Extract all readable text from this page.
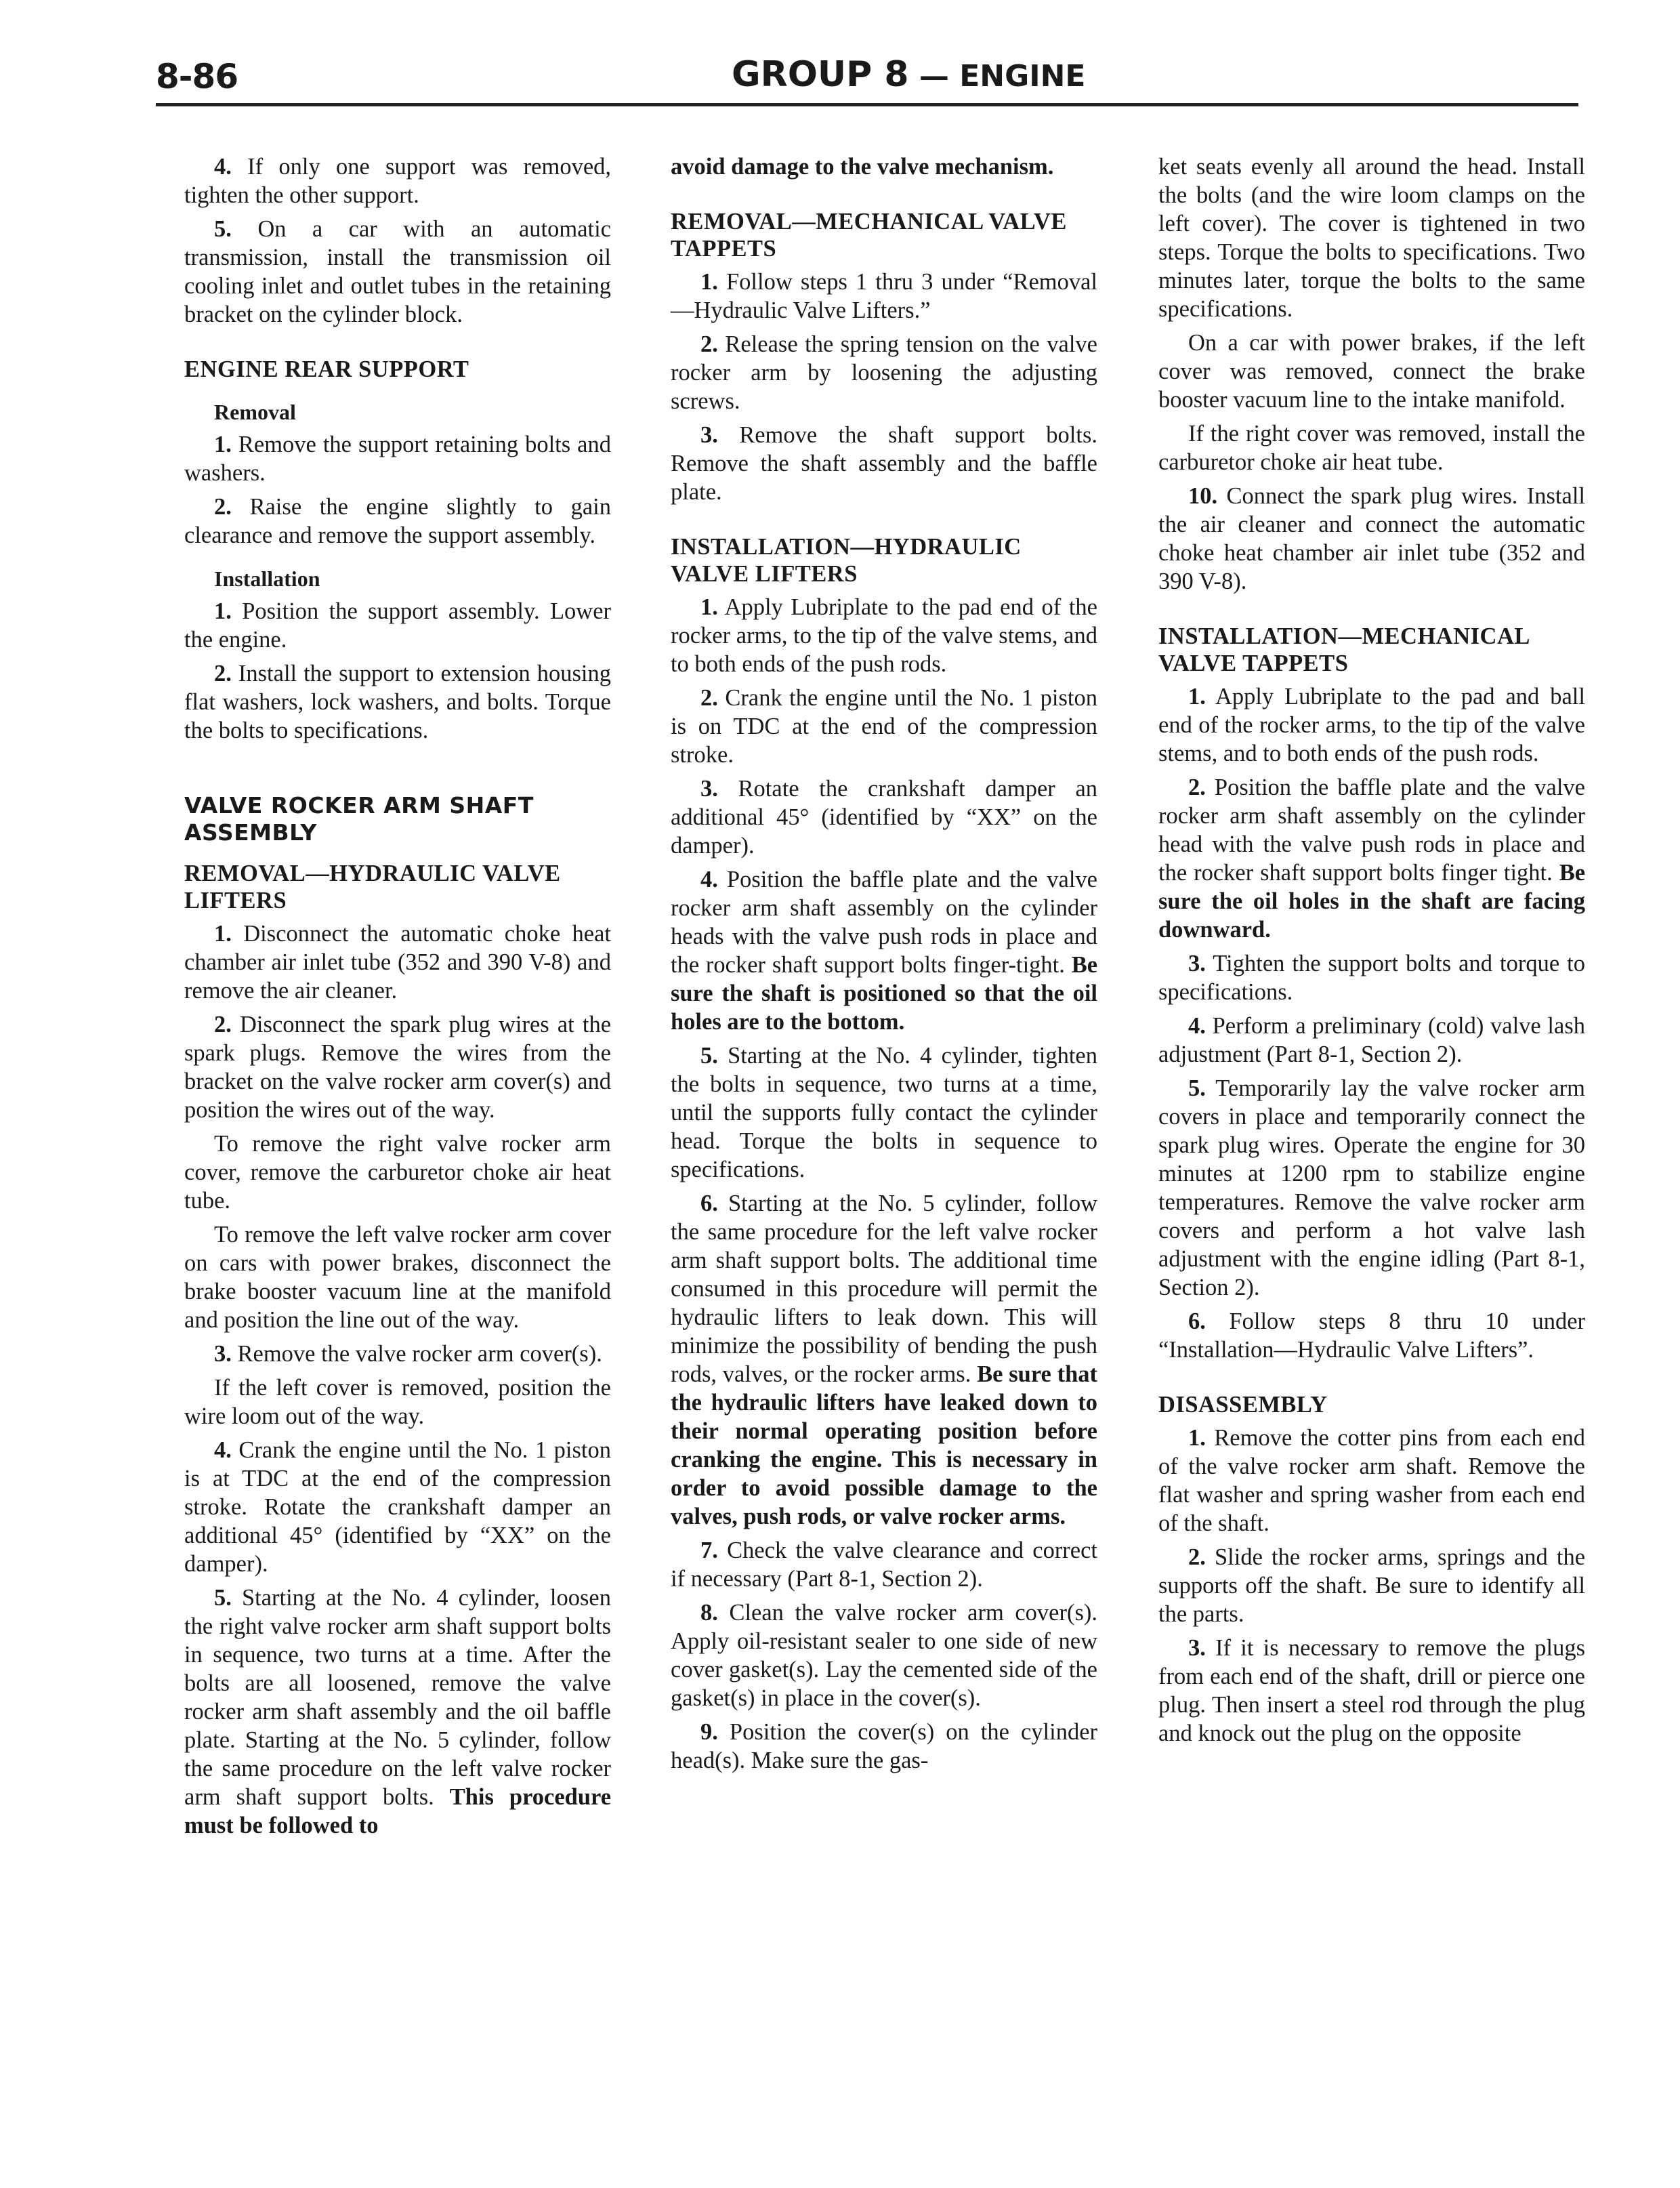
8-86	GROUP 8 — ENGINE

4. If only one support was removed, tighten the other support.

5. On a car with an automatic transmission, install the transmission oil cooling inlet and outlet tubes in the retaining bracket on the cylinder block.

ENGINE REAR SUPPORT
Removal

1. Remove the support retaining bolts and washers.

2. Raise the engine slightly to gain clearance and remove the support assembly.

Installation

1. Position the support assembly. Lower the engine.

2. Install the support to extension housing flat washers, lock washers, and bolts. Torque the bolts to specifications.

VALVE ROCKER ARM SHAFT ASSEMBLY
REMOVAL—HYDRAULIC VALVE LIFTERS

1. Disconnect the automatic choke heat chamber air inlet tube (352 and 390 V-8) and remove the air cleaner.

2. Disconnect the spark plug wires at the spark plugs. Remove the wires from the bracket on the valve rocker arm cover(s) and position the wires out of the way.

To remove the right valve rocker arm cover, remove the carburetor choke air heat tube.

To remove the left valve rocker arm cover on cars with power brakes, disconnect the brake booster vacuum line at the manifold and position the line out of the way.

3. Remove the valve rocker arm cover(s).

If the left cover is removed, position the wire loom out of the way.

4. Crank the engine until the No. 1 piston is at TDC at the end of the compression stroke. Rotate the crankshaft damper an additional 45° (identified by “XX” on the damper).

5. Starting at the No. 4 cylinder, loosen the right valve rocker arm shaft support bolts in sequence, two turns at a time. After the bolts are all loosened, remove the valve rocker arm shaft assembly and the oil baffle plate. Starting at the No. 5 cylinder, follow the same procedure on the left valve rocker arm shaft support bolts. This procedure must be followed to

avoid damage to the valve mechanism.

REMOVAL—MECHANICAL VALVE TAPPETS

1. Follow steps 1 thru 3 under “Removal—Hydraulic Valve Lifters.”

2. Release the spring tension on the valve rocker arm by loosening the adjusting screws.

3. Remove the shaft support bolts. Remove the shaft assembly and the baffle plate.

INSTALLATION—HYDRAULIC VALVE LIFTERS

1. Apply Lubriplate to the pad end of the rocker arms, to the tip of the valve stems, and to both ends of the push rods.

2. Crank the engine until the No. 1 piston is on TDC at the end of the compression stroke.

3. Rotate the crankshaft damper an additional 45° (identified by “XX” on the damper).

4. Position the baffle plate and the valve rocker arm shaft assembly on the cylinder heads with the valve push rods in place and the rocker shaft support bolts finger-tight. Be sure the shaft is positioned so that the oil holes are to the bottom.

5. Starting at the No. 4 cylinder, tighten the bolts in sequence, two turns at a time, until the supports fully contact the cylinder head. Torque the bolts in sequence to specifications.

6. Starting at the No. 5 cylinder, follow the same procedure for the left valve rocker arm shaft support bolts. The additional time consumed in this procedure will permit the hydraulic lifters to leak down. This will minimize the possibility of bending the push rods, valves, or the rocker arms. Be sure that the hydraulic lifters have leaked down to their normal operating position before cranking the engine. This is necessary in order to avoid possible damage to the valves, push rods, or valve rocker arms.

7. Check the valve clearance and correct if necessary (Part 8-1, Section 2).

8. Clean the valve rocker arm cover(s). Apply oil-resistant sealer to one side of new cover gasket(s). Lay the cemented side of the gasket(s) in place in the cover(s).

9. Position the cover(s) on the cylinder head(s). Make sure the gas-

ket seats evenly all around the head. Install the bolts (and the wire loom clamps on the left cover). The cover is tightened in two steps. Torque the bolts to specifications. Two minutes later, torque the bolts to the same specifications.

On a car with power brakes, if the left cover was removed, connect the brake booster vacuum line to the intake manifold.

If the right cover was removed, install the carburetor choke air heat tube.

10. Connect the spark plug wires. Install the air cleaner and connect the automatic choke heat chamber air inlet tube (352 and 390 V-8).

INSTALLATION—MECHANICAL VALVE TAPPETS

1. Apply Lubriplate to the pad and ball end of the rocker arms, to the tip of the valve stems, and to both ends of the push rods.

2. Position the baffle plate and the valve rocker arm shaft assembly on the cylinder head with the valve push rods in place and the rocker shaft support bolts finger tight. Be sure the oil holes in the shaft are facing downward.

3. Tighten the support bolts and torque to specifications.

4. Perform a preliminary (cold) valve lash adjustment (Part 8-1, Section 2).

5. Temporarily lay the valve rocker arm covers in place and temporarily connect the spark plug wires. Operate the engine for 30 minutes at 1200 rpm to stabilize engine temperatures. Remove the valve rocker arm covers and perform a hot valve lash adjustment with the engine idling (Part 8-1, Section 2).

6. Follow steps 8 thru 10 under “Installation—Hydraulic Valve Lifters”.

DISASSEMBLY

1. Remove the cotter pins from each end of the valve rocker arm shaft. Remove the flat washer and spring washer from each end of the shaft.

2. Slide the rocker arms, springs and the supports off the shaft. Be sure to identify all the parts.

3. If it is necessary to remove the plugs from each end of the shaft, drill or pierce one plug. Then insert a steel rod through the plug and knock out the plug on the opposite
